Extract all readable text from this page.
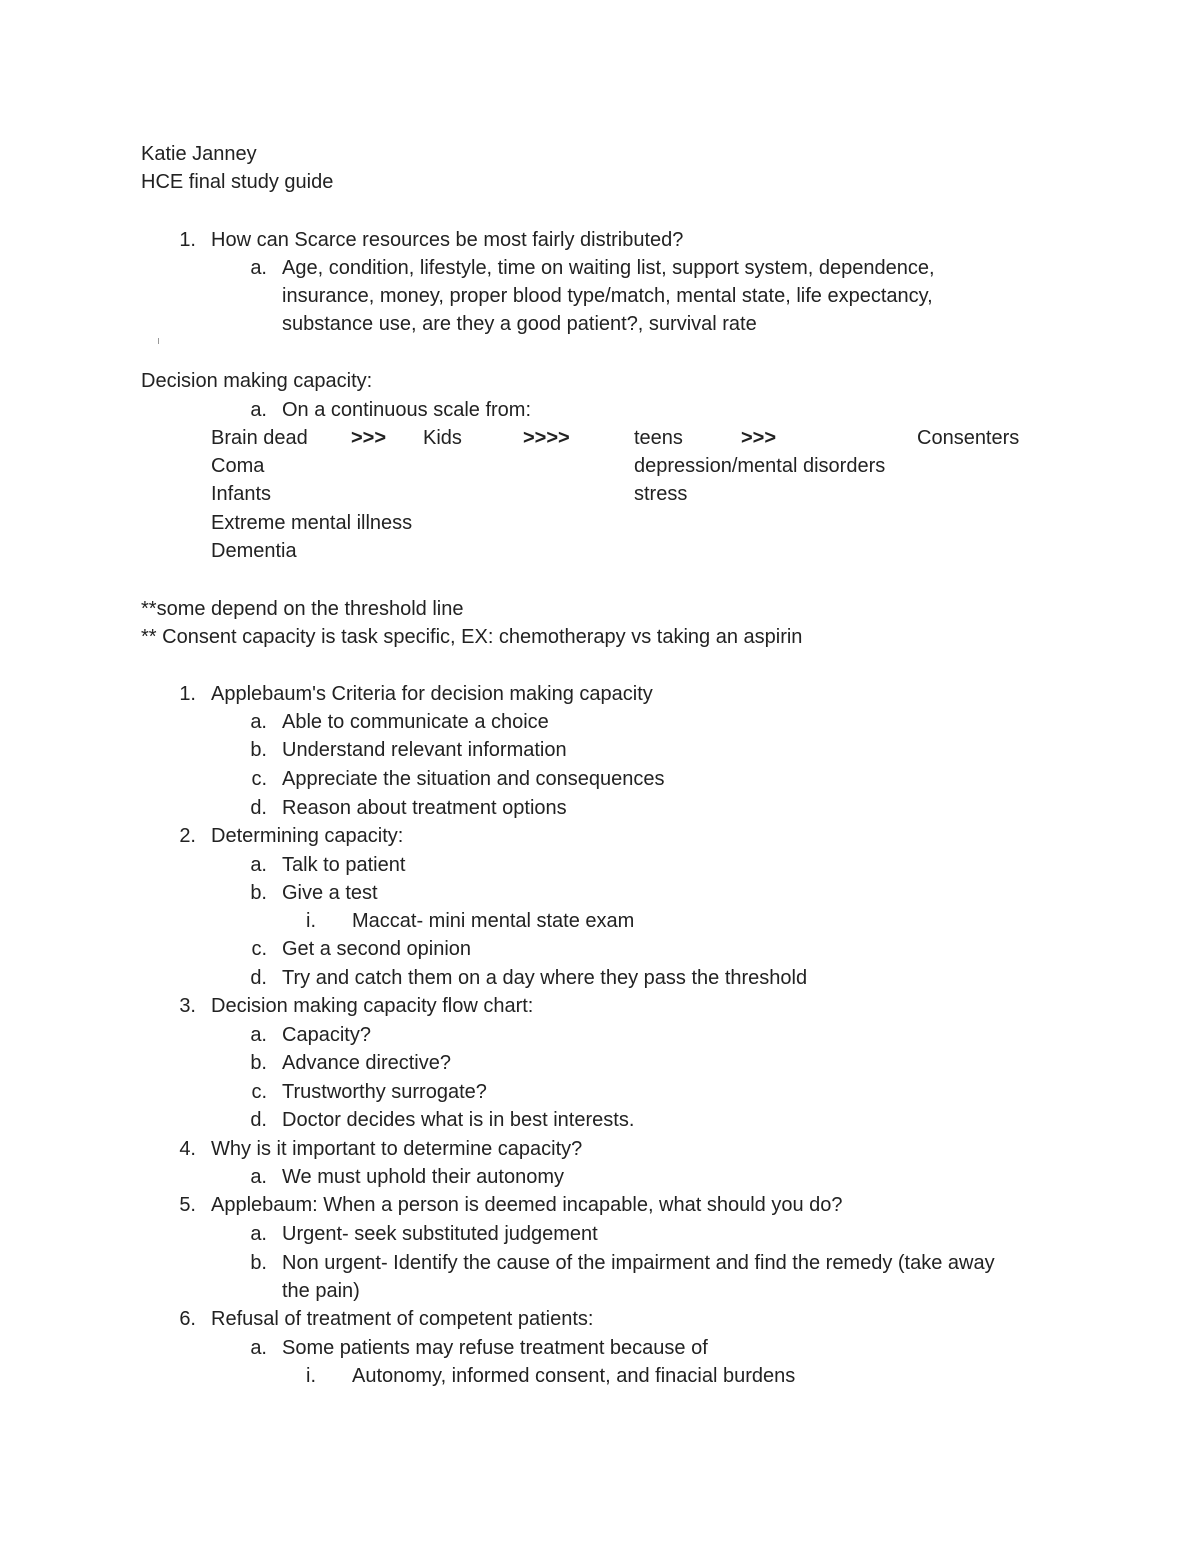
Katie Janney
HCE final study guide
1. How can Scarce resources be most fairly distributed?
a. Age, condition, lifestyle, time on waiting list, support system, dependence,
insurance, money, proper blood type/match, mental state, life expectancy,
substance use, are they a good patient?, survival rate
Decision making capacity:
a. On a continuous scale from:
Brain dead >>> Kids	>>>>	teens	>>>	Consenters
Coma	depression/mental disorders
Infants	stress
Extreme mental illness
Dementia
**some depend on the threshold line
** Consent capacity is task specific, EX: chemotherapy vs taking an aspirin
1. Applebaum's Criteria for decision making capacity
a. Able to communicate a choice
b. Understand relevant information
c. Appreciate the situation and consequences
d. Reason about treatment options
2. Determining capacity:
a. Talk to patient
b. Give a test
i. Maccat- mini mental state exam
c. Get a second opinion
d. Try and catch them on a day where they pass the threshold
3. Decision making capacity flow chart:
a. Capacity?
b. Advance directive?
c. Trustworthy surrogate?
d. Doctor decides what is in best interests.
4. Why is it important to determine capacity?
a. We must uphold their autonomy
5. Applebaum: When a person is deemed incapable, what should you do?
a. Urgent- seek substituted judgement
b. Non urgent- Identify the cause of the impairment and find the remedy (take away
the pain)
6. Refusal of treatment of competent patients:
a. Some patients may refuse treatment because of
i. Autonomy, informed consent, and finacial burdens
